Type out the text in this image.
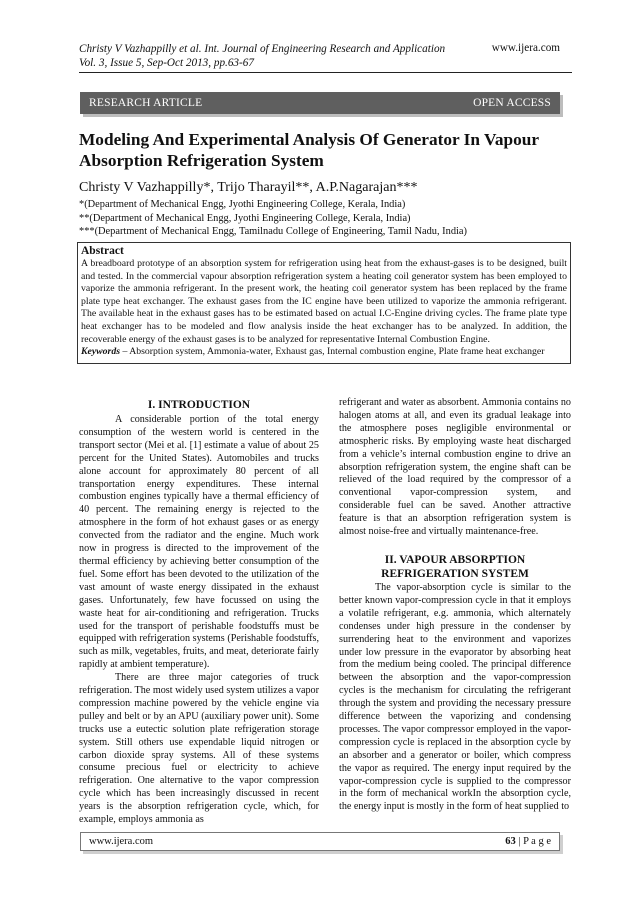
Christy V Vazhappilly et al. Int. Journal of Engineering Research and Application
Vol. 3, Issue 5, Sep-Oct 2013, pp.63-67
www.ijera.com
RESEARCH ARTICLE	OPEN ACCESS
Modeling And Experimental Analysis Of Generator In Vapour Absorption Refrigeration System
Christy V Vazhappilly*, Trijo Tharayil**, A.P.Nagarajan***
*(Department of Mechanical Engg, Jyothi Engineering College, Kerala, India)
**(Department of Mechanical Engg, Jyothi Engineering College, Kerala, India)
***(Department of Mechanical Engg, Tamilnadu College of Engineering, Tamil Nadu, India)
Abstract
A breadboard prototype of an absorption system for refrigeration using heat from the exhaust-gases is to be designed, built and tested. In the commercial vapour absorption refrigeration system a heating coil generator system has been employed to vaporize the ammonia refrigerant. In the present work, the heating coil generator system has been replaced by the frame plate type heat exchanger. The exhaust gases from the IC engine have been utilized to vaporize the ammonia refrigerant. The available heat in the exhaust gases has to be estimated based on actual I.C-Engine driving cycles. The frame plate type heat exchanger has to be modeled and flow analysis inside the heat exchanger has to be analyzed. In addition, the recoverable energy of the exhaust gases is to be analyzed for representative Internal Combustion Engine.
Keywords – Absorption system, Ammonia-water, Exhaust gas, Internal combustion engine, Plate frame heat exchanger
I. INTRODUCTION

A considerable portion of the total energy consumption of the western world is centered in the transport sector (Mei et al. [1] estimate a value of about 25 percent for the United States). Automobiles and trucks alone account for approximately 80 percent of all transportation energy expenditures. These internal combustion engines typically have a thermal efficiency of 40 percent. The remaining energy is rejected to the atmosphere in the form of hot exhaust gases or as energy convected from the radiator and the engine. Much work now in progress is directed to the improvement of the thermal efficiency by achieving better consumption of the fuel. Some effort has been devoted to the utilization of the vast amount of waste energy dissipated in the exhaust gases. Unfortunately, few have focussed on using the waste heat for air-conditioning and refrigeration. Trucks used for the transport of perishable foodstuffs must be equipped with refrigeration systems (Perishable foodstuffs, such as milk, vegetables, fruits, and meat, deteriorate fairly rapidly at ambient temperature).

There are three major categories of truck refrigeration. The most widely used system utilizes a vapor compression machine powered by the vehicle engine via pulley and belt or by an APU (auxiliary power unit). Some trucks use a eutectic solution plate refrigeration storage system. Still others use expendable liquid nitrogen or carbon dioxide spray systems. All of these systems consume precious fuel or electricity to achieve refrigeration. One alternative to the vapor compression cycle which has been increasingly discussed in recent years is the absorption refrigeration cycle, which, for example, employs ammonia as

refrigerant and water as absorbent. Ammonia contains no halogen atoms at all, and even its gradual leakage into the atmosphere poses negligible environmental or atmospheric risks. By employing waste heat discharged from a vehicle’s internal combustion engine to drive an absorption refrigeration system, the engine shaft can be relieved of the load required by the compressor of a conventional vapor-compression system, and considerable fuel can be saved. Another attractive feature is that an absorption refrigeration system is almost noise-free and virtually maintenance-free.

II. VAPOUR ABSORPTION
REFRIGERATION SYSTEM

The vapor-absorption cycle is similar to the better known vapor-compression cycle in that it employs a volatile refrigerant, e.g. ammonia, which alternately condenses under high pressure in the condenser by surrendering heat to the environment and vaporizes under low pressure in the evaporator by absorbing heat from the medium being cooled. The principal difference between the absorption and the vapor-compression cycles is the mechanism for circulating the refrigerant through the system and providing the necessary pressure difference between the vaporizing and condensing processes. The vapor compressor employed in the vapor-compression cycle is replaced in the absorption cycle by an absorber and a generator or boiler, which compress the vapor as required. The energy input required by the vapor-compression cycle is supplied to the compressor in the form of mechanical workIn the absorption cycle, the energy input is mostly in the form of heat supplied to

www.ijera.com	63 | P a g e
